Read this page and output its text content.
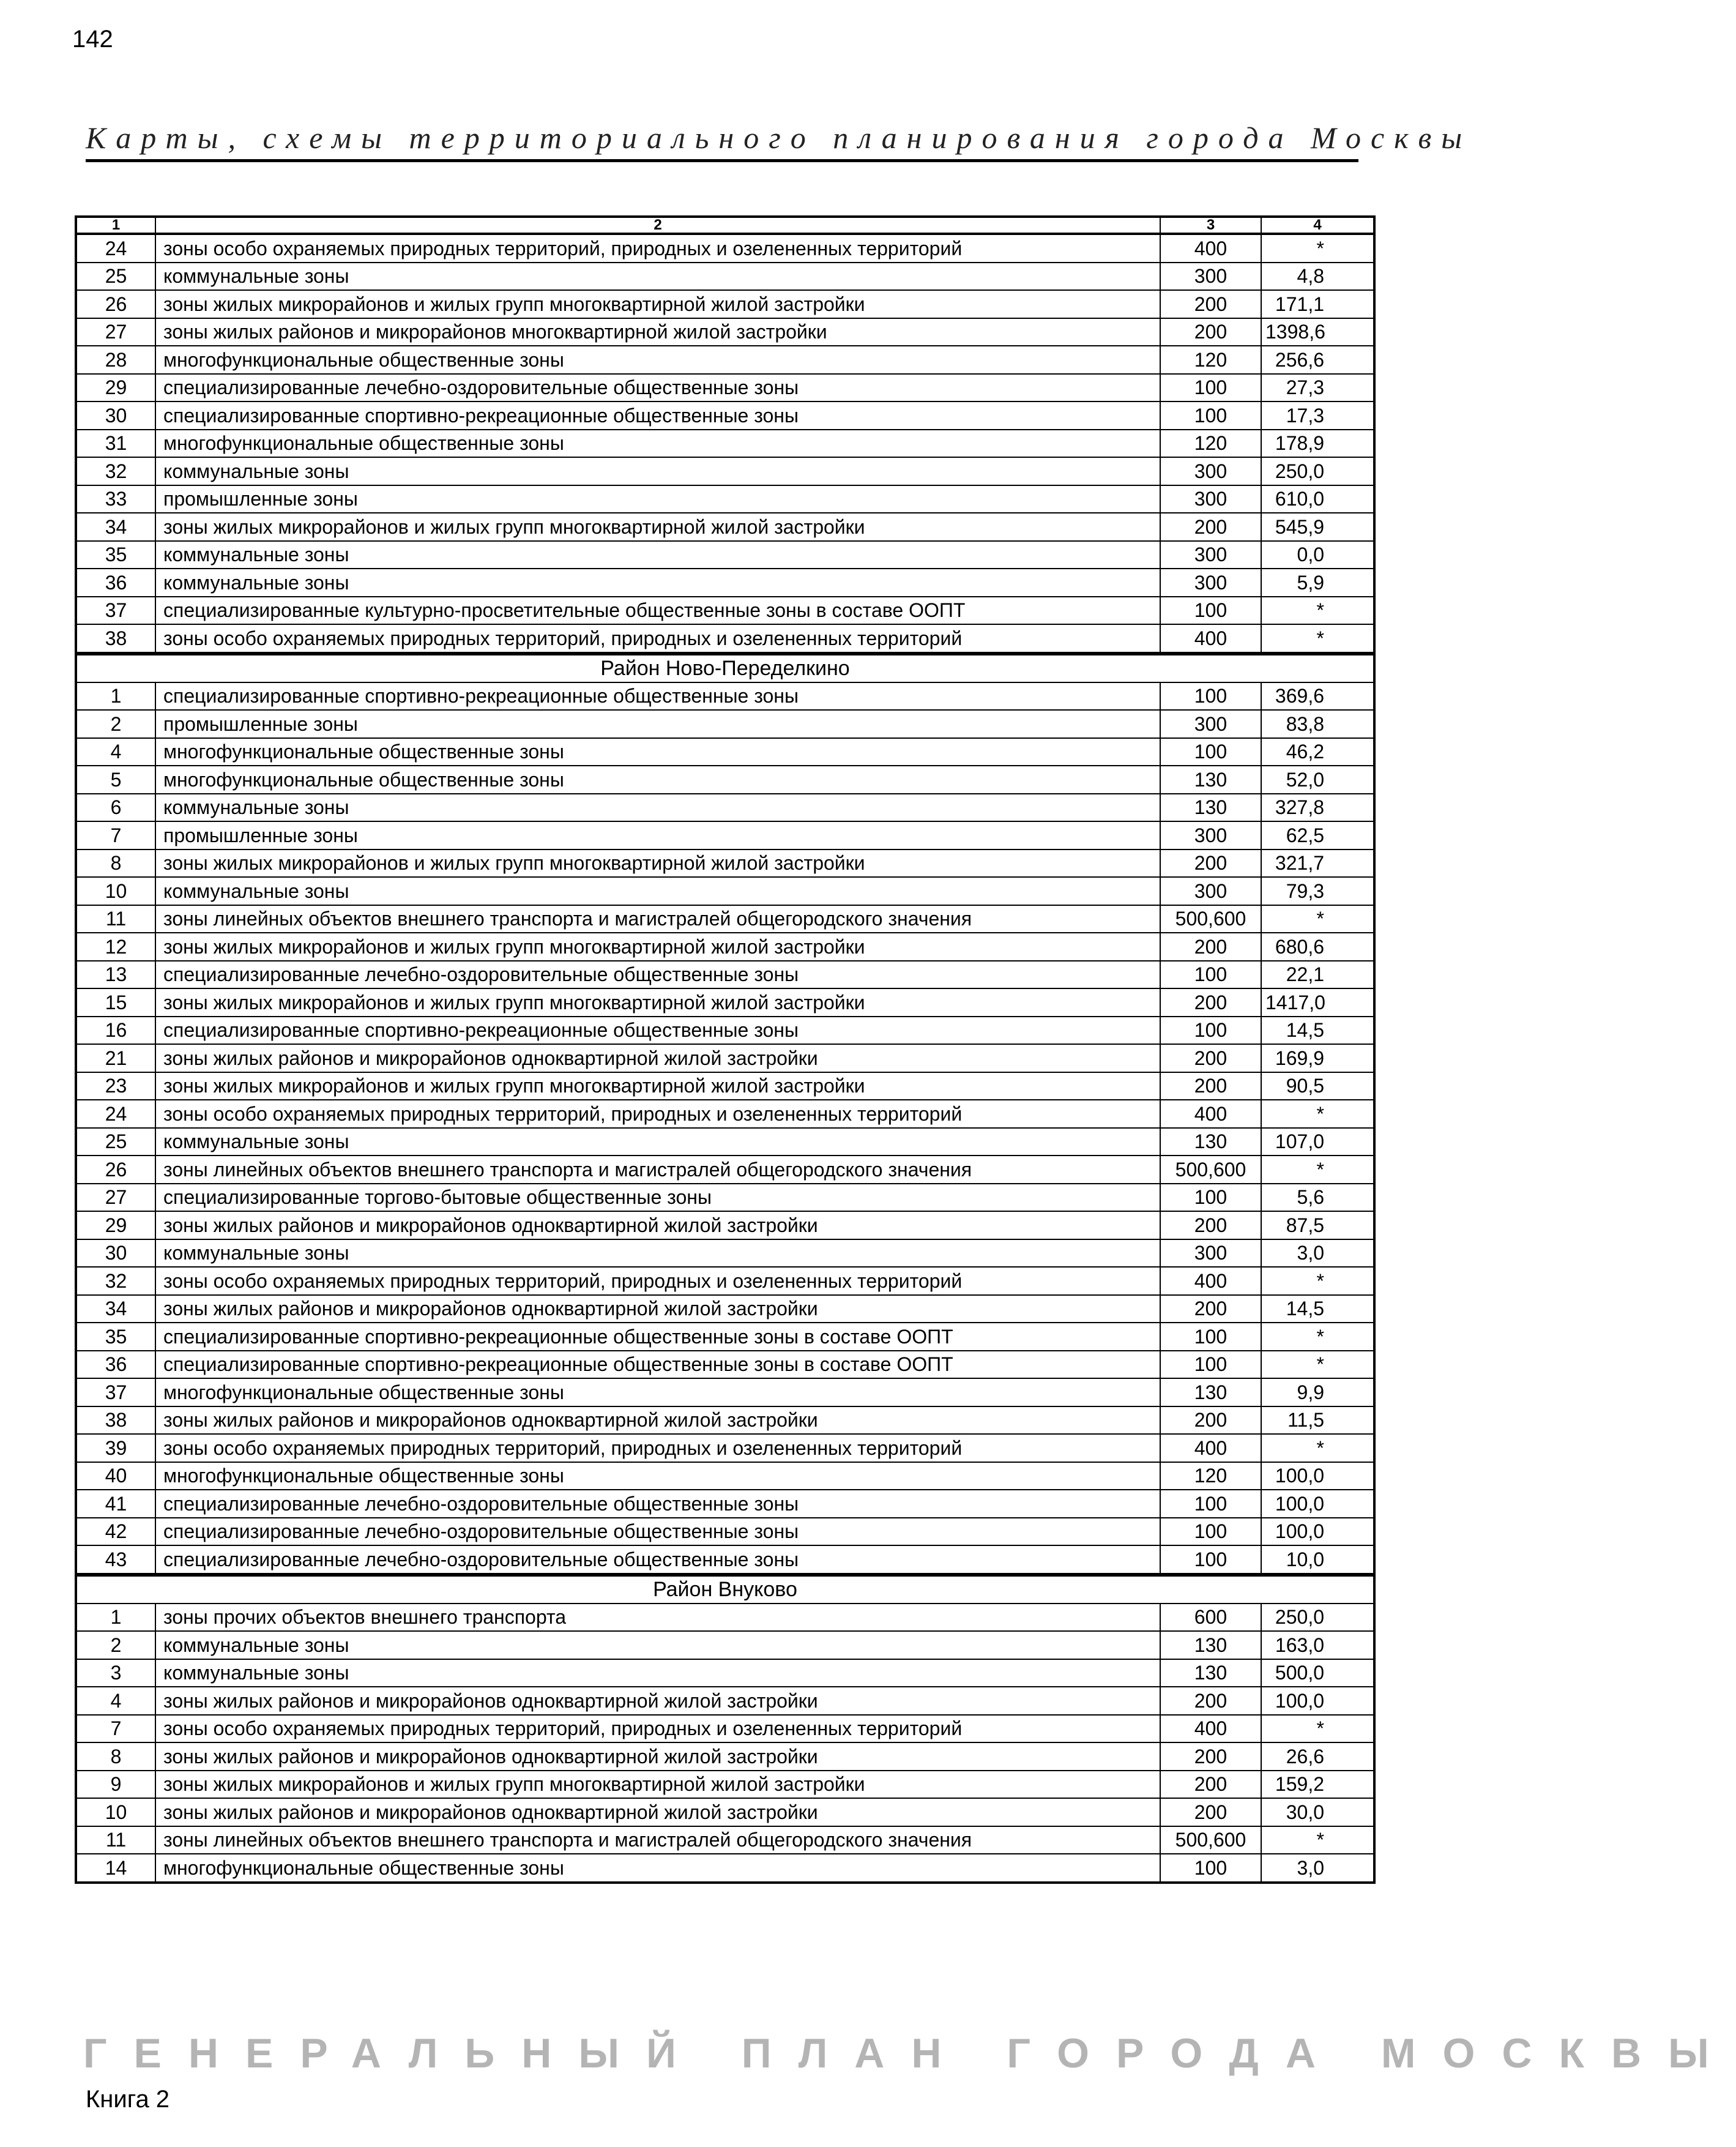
142
Карты, схемы территориального планирования города Москвы
1	2	3	4
24	зоны особо охраняемых природных территорий, природных и озелененных территорий	400	*
25	коммунальные зоны	300	4,8
26	зоны жилых микрорайонов и жилых групп многоквартирной жилой застройки	200	171,1
27	зоны жилых районов и микрорайонов многоквартирной жилой застройки	200	1398,6
28	многофункциональные общественные зоны	120	256,6
29	специализированные лечебно-оздоровительные общественные зоны	100	27,3
30	специализированные спортивно-рекреационные общественные зоны	100	17,3
31	многофункциональные общественные зоны	120	178,9
32	коммунальные зоны	300	250,0
33	промышленные зоны	300	610,0
34	зоны жилых микрорайонов и жилых групп многоквартирной жилой застройки	200	545,9
35	коммунальные зоны	300	0,0
36	коммунальные зоны	300	5,9
37	специализированные культурно-просветительные общественные зоны в составе ООПТ	100	*
38	зоны особо охраняемых природных территорий, природных и озелененных территорий	400	*
Район Ново-Переделкино			
1	специализированные спортивно-рекреационные общественные зоны	100	369,6
2	промышленные зоны	300	83,8
4	многофункциональные общественные зоны	100	46,2
5	многофункциональные общественные зоны	130	52,0
6	коммунальные зоны	130	327,8
7	промышленные зоны	300	62,5
8	зоны жилых микрорайонов и жилых групп многоквартирной жилой застройки	200	321,7
10	коммунальные зоны	300	79,3
11	зоны линейных объектов внешнего транспорта и магистралей общегородского значения	500,600	*
12	зоны жилых микрорайонов и жилых групп многоквартирной жилой застройки	200	680,6
13	специализированные лечебно-оздоровительные общественные зоны	100	22,1
15	зоны жилых микрорайонов и жилых групп многоквартирной жилой застройки	200	1417,0
16	специализированные спортивно-рекреационные общественные зоны	100	14,5
21	зоны жилых районов и микрорайонов одноквартирной жилой застройки	200	169,9
23	зоны жилых микрорайонов и жилых групп многоквартирной жилой застройки	200	90,5
24	зоны особо охраняемых природных территорий, природных и озелененных территорий	400	*
25	коммунальные зоны	130	107,0
26	зоны линейных объектов внешнего транспорта и магистралей общегородского значения	500,600	*
27	специализированные торгово-бытовые общественные зоны	100	5,6
29	зоны жилых районов и микрорайонов одноквартирной жилой застройки	200	87,5
30	коммунальные зоны	300	3,0
32	зоны особо охраняемых природных территорий, природных и озелененных территорий	400	*
34	зоны жилых районов и микрорайонов одноквартирной жилой застройки	200	14,5
35	специализированные спортивно-рекреационные общественные зоны в составе ООПТ	100	*
36	специализированные спортивно-рекреационные общественные зоны в составе ООПТ	100	*
37	многофункциональные общественные зоны	130	9,9
38	зоны жилых районов и микрорайонов одноквартирной жилой застройки	200	11,5
39	зоны особо охраняемых природных территорий, природных и озелененных территорий	400	*
40	многофункциональные общественные зоны	120	100,0
41	специализированные лечебно-оздоровительные общественные зоны	100	100,0
42	специализированные лечебно-оздоровительные общественные зоны	100	100,0
43	специализированные лечебно-оздоровительные общественные зоны	100	10,0
Район Внуково			
1	зоны прочих объектов внешнего транспорта	600	250,0
2	коммунальные зоны	130	163,0
3	коммунальные зоны	130	500,0
4	зоны жилых районов и микрорайонов одноквартирной жилой застройки	200	100,0
7	зоны особо охраняемых природных территорий, природных и озелененных территорий	400	*
8	зоны жилых районов и микрорайонов одноквартирной жилой застройки	200	26,6
9	зоны жилых микрорайонов и жилых групп многоквартирной жилой застройки	200	159,2
10	зоны жилых районов и микрорайонов одноквартирной жилой застройки	200	30,0
11	зоны линейных объектов внешнего транспорта и магистралей общегородского значения	500,600	*
14	многофункциональные общественные зоны	100	3,0
ГЕНЕРАЛЬНЫЙ ПЛАН ГОРОДА МОСКВЫ
Книга 2
